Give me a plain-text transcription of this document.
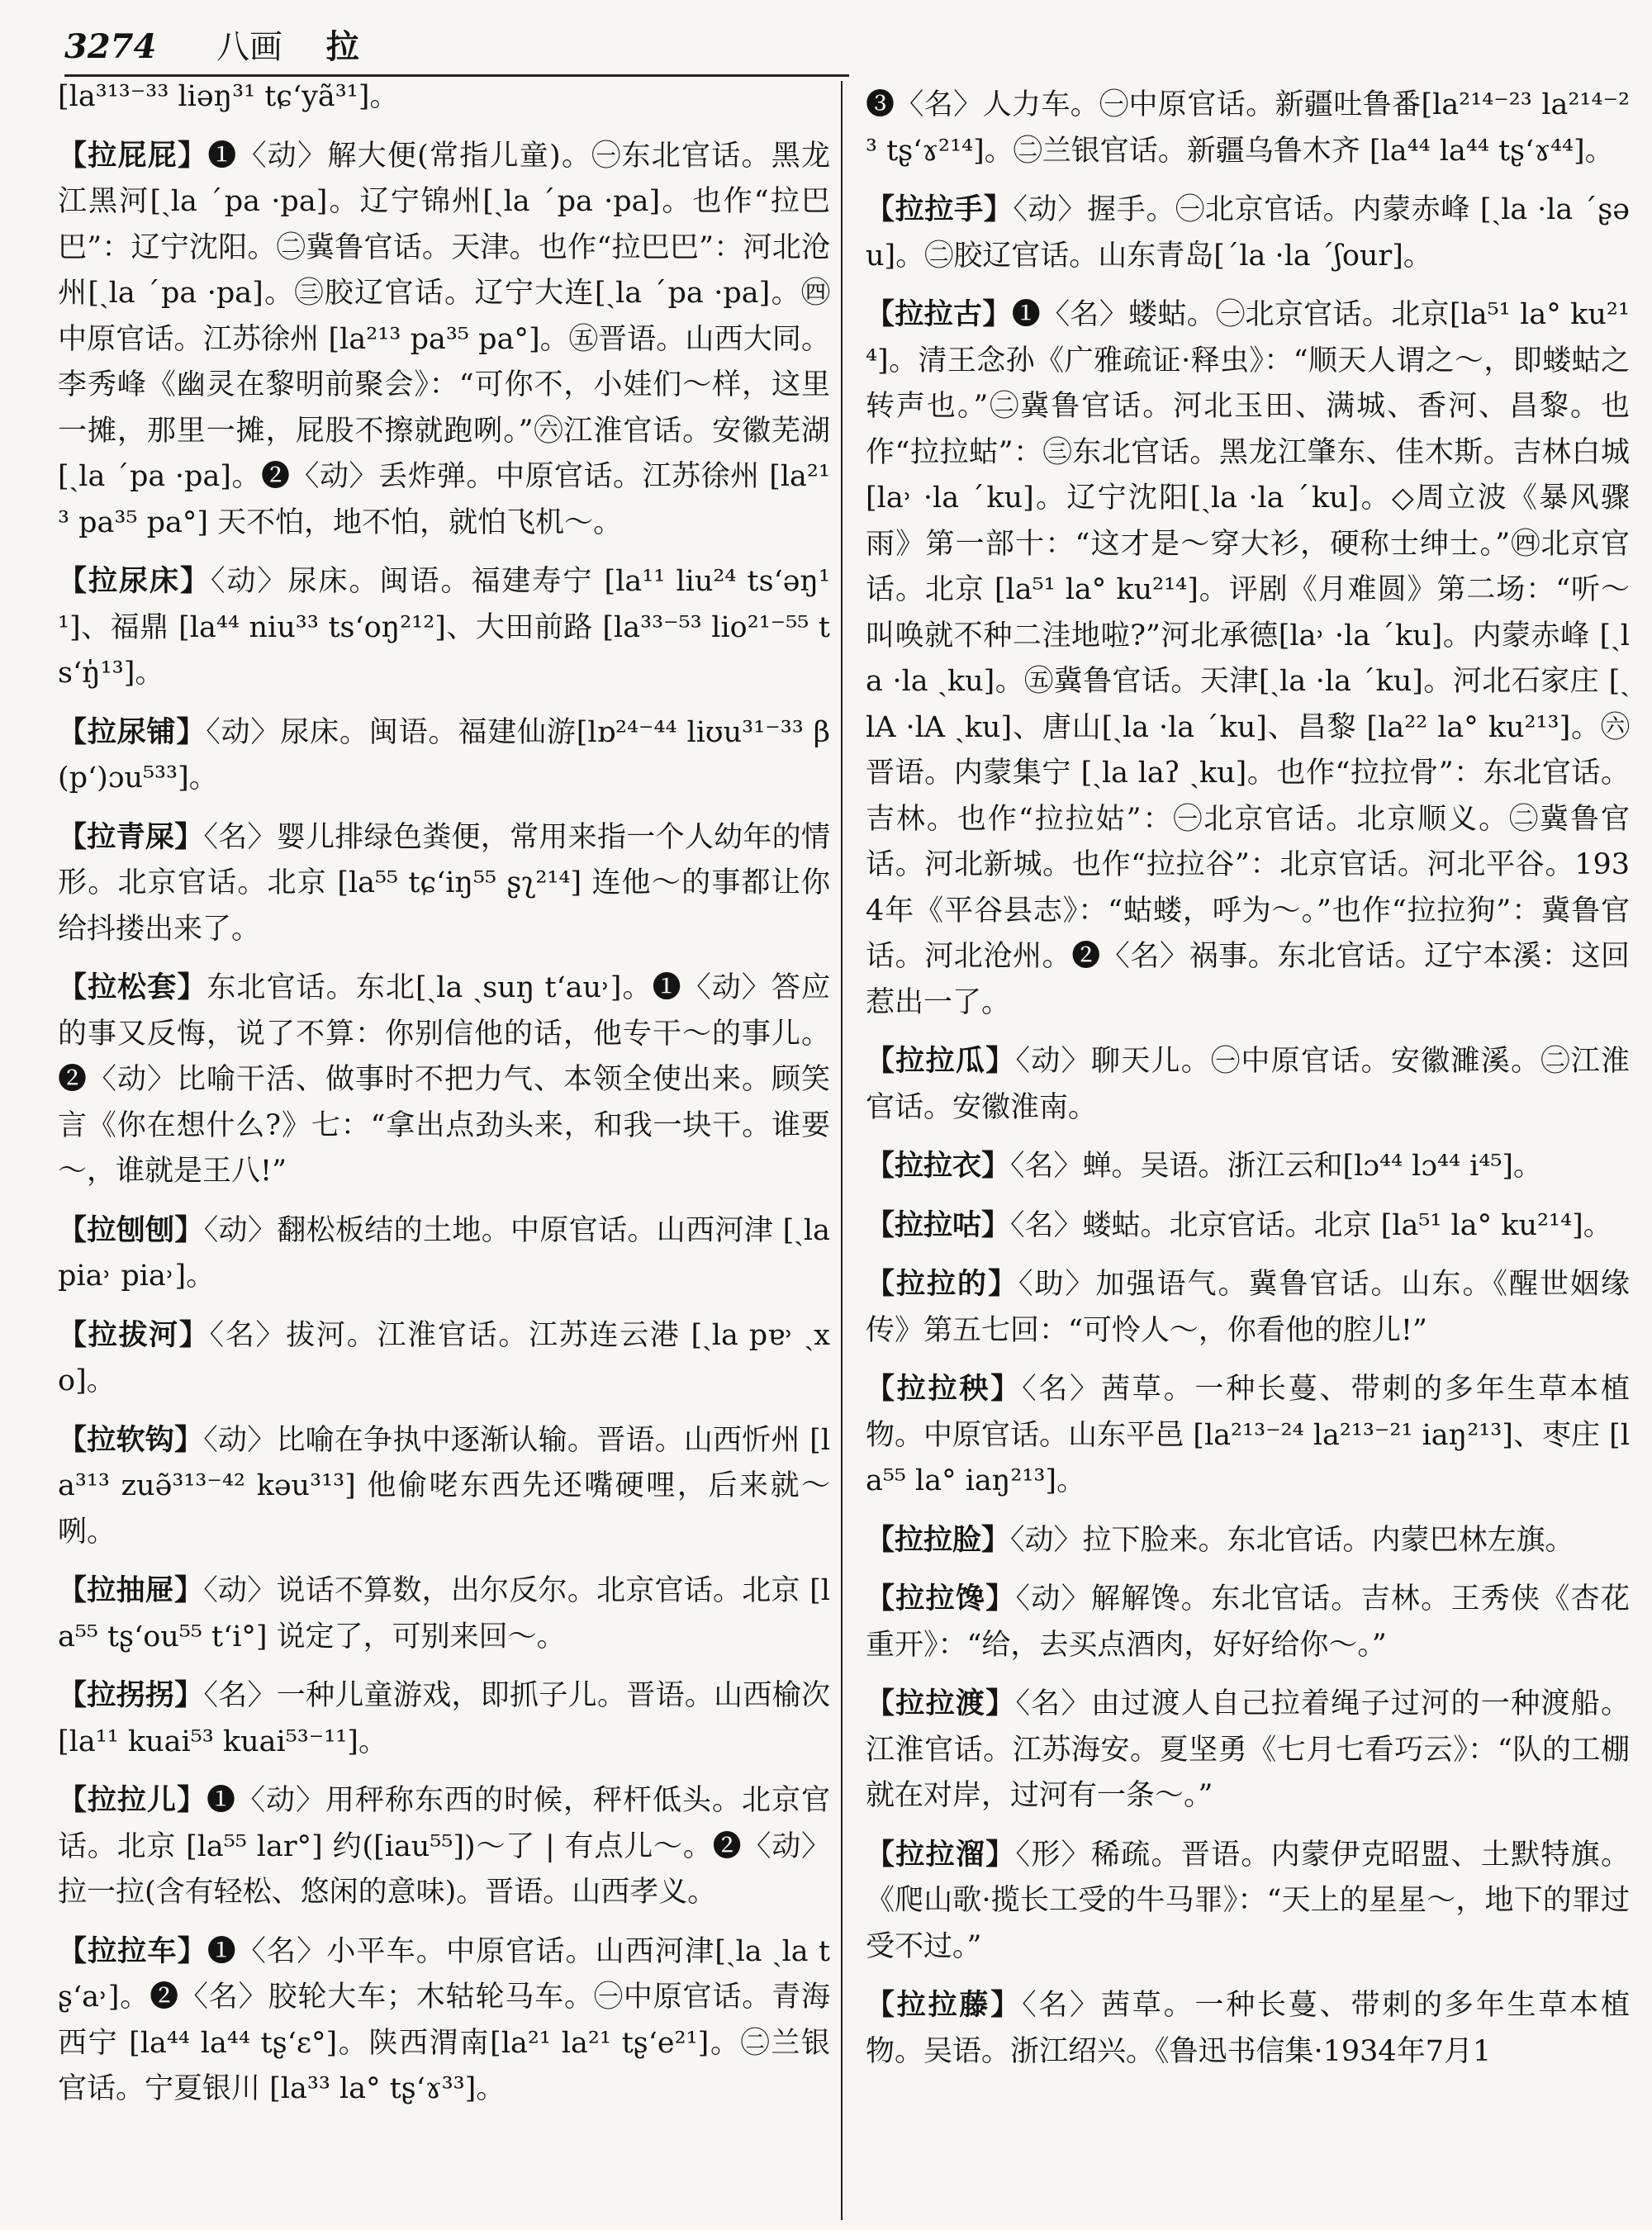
3274 八画 拉

[la³¹³⁻³³ liəŋ³¹ tɕ‘yã³¹]。

【拉屁屁】❶〈动〉解大便(常指儿童)。㊀东北官话。黑龙江黑河[ˏla ˊpa ·pa]。辽宁锦州[ˏla ˊpa ·pa]。也作“拉巴巴”：辽宁沈阳。㊁冀鲁官话。天津。也作“拉巴巴”：河北沧州[ˏla ˊpa ·pa]。㊂胶辽官话。辽宁大连[ˏla ˊpa ·pa]。㊃中原官话。江苏徐州 [la²¹³ pa³⁵ pa°]。㊄晋语。山西大同。李秀峰《幽灵在黎明前聚会》：“可你不，小娃们～样，这里一摊，那里一摊，屁股不擦就跑咧。”㊅江淮官话。安徽芜湖[ˏla ˊpa ·pa]。❷〈动〉丢炸弹。中原官话。江苏徐州 [la²¹³ pa³⁵ pa°] 天不怕，地不怕，就怕飞机～。

【拉尿床】〈动〉尿床。闽语。福建寿宁 [la¹¹ liu²⁴ ts‘əŋ¹¹]、福鼎 [la⁴⁴ niu³³ ts‘oŋ²¹²]、大田前路 [la³³⁻⁵³ lio²¹⁻⁵⁵ ts‘ŋ̍¹³]。

【拉尿铺】〈动〉尿床。闽语。福建仙游[lɒ²⁴⁻⁴⁴ liʊu³¹⁻³³ β(p‘)ɔu⁵³³]。

【拉青屎】〈名〉婴儿排绿色粪便，常用来指一个人幼年的情形。北京官话。北京 [la⁵⁵ tɕ‘iŋ⁵⁵ ʂʅ²¹⁴] 连他～的事都让你给抖搂出来了。

【拉松套】东北官话。东北[ˏla ˏsuŋ t‘au˒]。❶〈动〉答应的事又反悔，说了不算：你别信他的话，他专干～的事儿。❷〈动〉比喻干活、做事时不把力气、本领全使出来。顾笑言《你在想什么?》七：“拿出点劲头来，和我一块干。谁要～，谁就是王八!”

【拉刨刨】〈动〉翻松板结的土地。中原官话。山西河津 [ˏla pia˒ pia˒]。

【拉拔河】〈名〉拔河。江淮官话。江苏连云港 [ˏla pɐ˒ ˏxo]。

【拉软钩】〈动〉比喻在争执中逐渐认输。晋语。山西忻州 [la³¹³ zuə̃³¹³⁻⁴² kəu³¹³] 他偷咾东西先还嘴硬哩，后来就～咧。

【拉抽屉】〈动〉说话不算数，出尔反尔。北京官话。北京 [la⁵⁵ tʂ‘ou⁵⁵ t‘i°] 说定了，可别来回～。

【拉拐拐】〈名〉一种儿童游戏，即抓子儿。晋语。山西榆次[la¹¹ kuai⁵³ kuai⁵³⁻¹¹]。

【拉拉儿】❶〈动〉用秤称东西的时候，秤杆低头。北京官话。北京 [la⁵⁵ lar°] 约([iau⁵⁵])～了 | 有点儿～。❷〈动〉拉一拉(含有轻松、悠闲的意味)。晋语。山西孝义。

【拉拉车】❶〈名〉小平车。中原官话。山西河津[ˏla ˏla tʂ‘a˒]。❷〈名〉胶轮大车；木轱轮马车。㊀中原官话。青海西宁 [la⁴⁴ la⁴⁴ tʂ‘ɛ°]。陕西渭南[la²¹ la²¹ tʂ‘e²¹]。㊁兰银官话。宁夏银川 [la³³ la° tʂ‘ɤ³³]。

❸〈名〉人力车。㊀中原官话。新疆吐鲁番[la²¹⁴⁻²³ la²¹⁴⁻²³ tʂ‘ɤ²¹⁴]。㊁兰银官话。新疆乌鲁木齐 [la⁴⁴ la⁴⁴ tʂ‘ɤ⁴⁴]。

【拉拉手】〈动〉握手。㊀北京官话。内蒙赤峰 [ˏla ·la ˊʂəu]。㊁胶辽官话。山东青岛[ˊla ·la ˊʃour]。

【拉拉古】❶〈名〉蝼蛄。㊀北京官话。北京[la⁵¹ la° ku²¹⁴]。清王念孙《广雅疏证·释虫》：“顺天人谓之～，即蝼蛄之转声也。”㊁冀鲁官话。河北玉田、满城、香河、昌黎。也作“拉拉蛄”：㊂东北官话。黑龙江肇东、佳木斯。吉林白城[la˒ ·la ˊku]。辽宁沈阳[ˏla ·la ˊku]。◇周立波《暴风骤雨》第一部十：“这才是～穿大衫，硬称士绅士。”㊃北京官话。北京 [la⁵¹ la° ku²¹⁴]。评剧《月难圆》第二场：“听～叫唤就不种二洼地啦?”河北承德[la˒ ·la ˊku]。内蒙赤峰 [ˏla ·la ˏku]。㊄冀鲁官话。天津[ˏla ·la ˊku]。河北石家庄 [ˏlA ·lA ˏku]、唐山[ˏla ·la ˊku]、昌黎 [la²² la° ku²¹³]。㊅晋语。内蒙集宁 [ˏla laʔ ˏku]。也作“拉拉骨”：东北官话。吉林。也作“拉拉姑”：㊀北京官话。北京顺义。㊁冀鲁官话。河北新城。也作“拉拉谷”：北京官话。河北平谷。1934年《平谷县志》：“蛄蝼，呼为～。”也作“拉拉狗”：冀鲁官话。河北沧州。❷〈名〉祸事。东北官话。辽宁本溪：这回惹出一了。

【拉拉瓜】〈动〉聊天儿。㊀中原官话。安徽濉溪。㊁江淮官话。安徽淮南。

【拉拉衣】〈名〉蝉。吴语。浙江云和[lɔ⁴⁴ lɔ⁴⁴ i⁴⁵]。

【拉拉咕】〈名〉蝼蛄。北京官话。北京 [la⁵¹ la° ku²¹⁴]。

【拉拉的】〈助〉加强语气。冀鲁官话。山东。《醒世姻缘传》第五七回：“可怜人～，你看他的腔儿!”

【拉拉秧】〈名〉茜草。一种长蔓、带刺的多年生草本植物。中原官话。山东平邑 [la²¹³⁻²⁴ la²¹³⁻²¹ iaŋ²¹³]、枣庄 [la⁵⁵ la° iaŋ²¹³]。

【拉拉脸】〈动〉拉下脸来。东北官话。内蒙巴林左旗。

【拉拉馋】〈动〉解解馋。东北官话。吉林。王秀侠《杏花重开》：“给，去买点酒肉，好好给你～。”

【拉拉渡】〈名〉由过渡人自己拉着绳子过河的一种渡船。江淮官话。江苏海安。夏坚勇《七月七看巧云》：“队的工棚就在对岸，过河有一条～。”

【拉拉溜】〈形〉稀疏。晋语。内蒙伊克昭盟、土默特旗。《爬山歌·揽长工受的牛马罪》：“天上的星星～，地下的罪过受不过。”

【拉拉藤】〈名〉茜草。一种长蔓、带刺的多年生草本植物。吴语。浙江绍兴。《鲁迅书信集·1934年7月1
